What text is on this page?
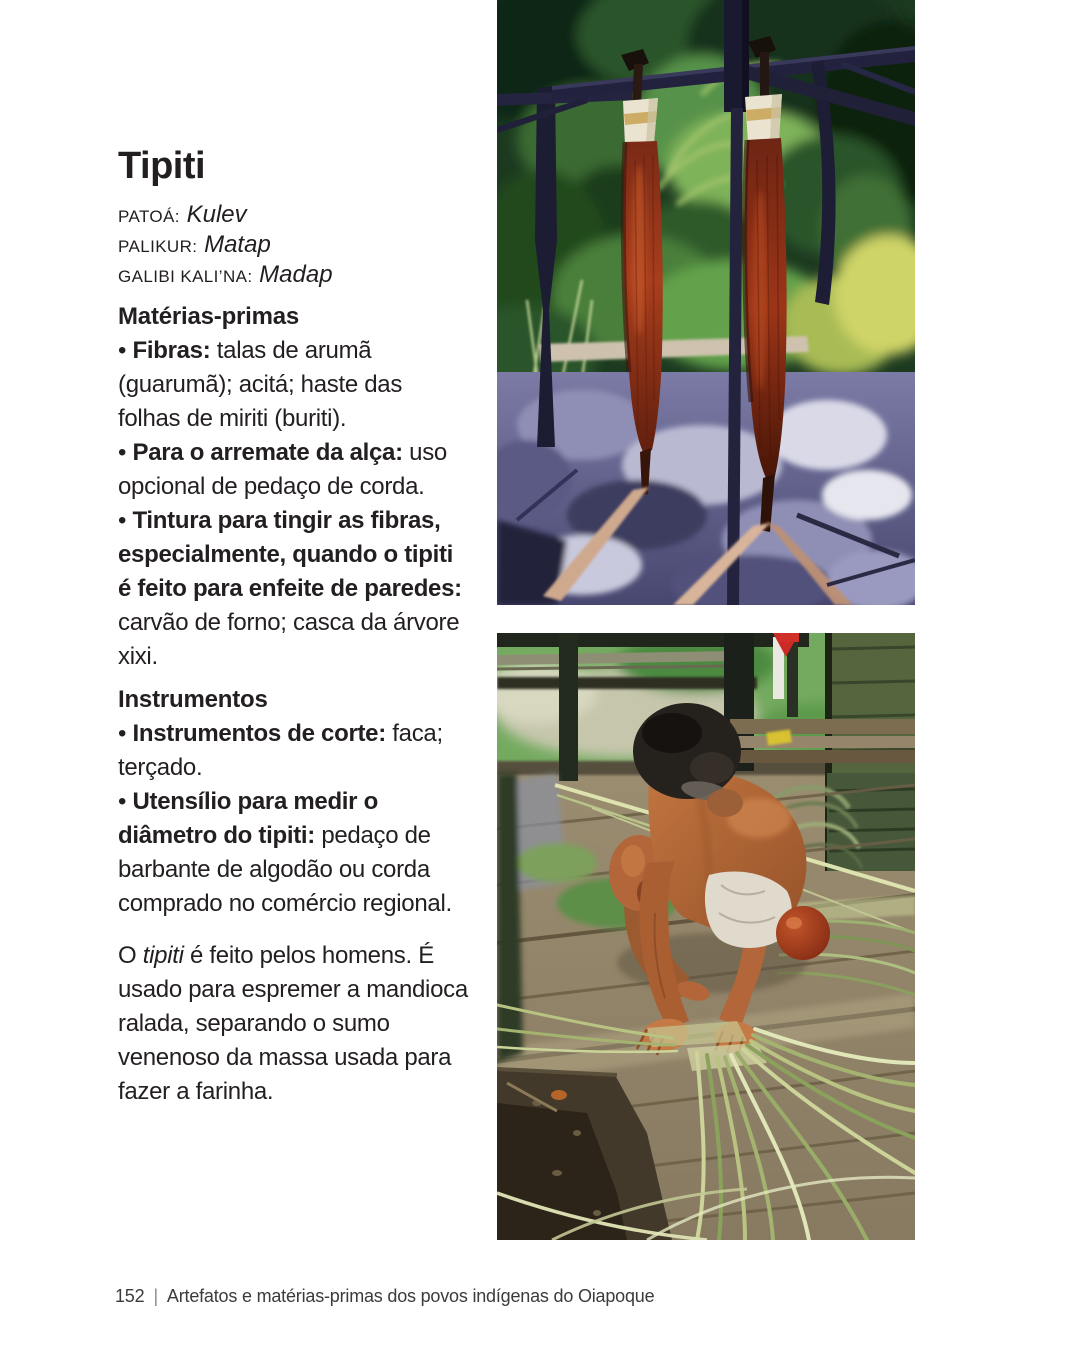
Tipiti
PATOÁ: Kulev
PALIKUR: Matap
GALIBI KALI’NA: Madap
Matérias-primas
• Fibras: talas de arumã (guarumã); acitá; haste das folhas de miriti (buriti).
• Para o arremate da alça: uso opcional de pedaço de corda.
• Tintura para tingir as fibras, especialmente, quando o tipiti é feito para enfeite de paredes: carvão de forno; casca da árvore xixi.
Instrumentos
• Instrumentos de corte: faca; terçado.
• Utensílio para medir o diâmetro do tipiti: pedaço de barbante de algodão ou corda comprado no comércio regional.

O tipiti é feito pelos homens. É usado para espremer a mandioca ralada, separando o sumo venenoso da massa usada para fazer a farinha.

152 | Artefatos e matérias-primas dos povos indígenas do Oiapoque
